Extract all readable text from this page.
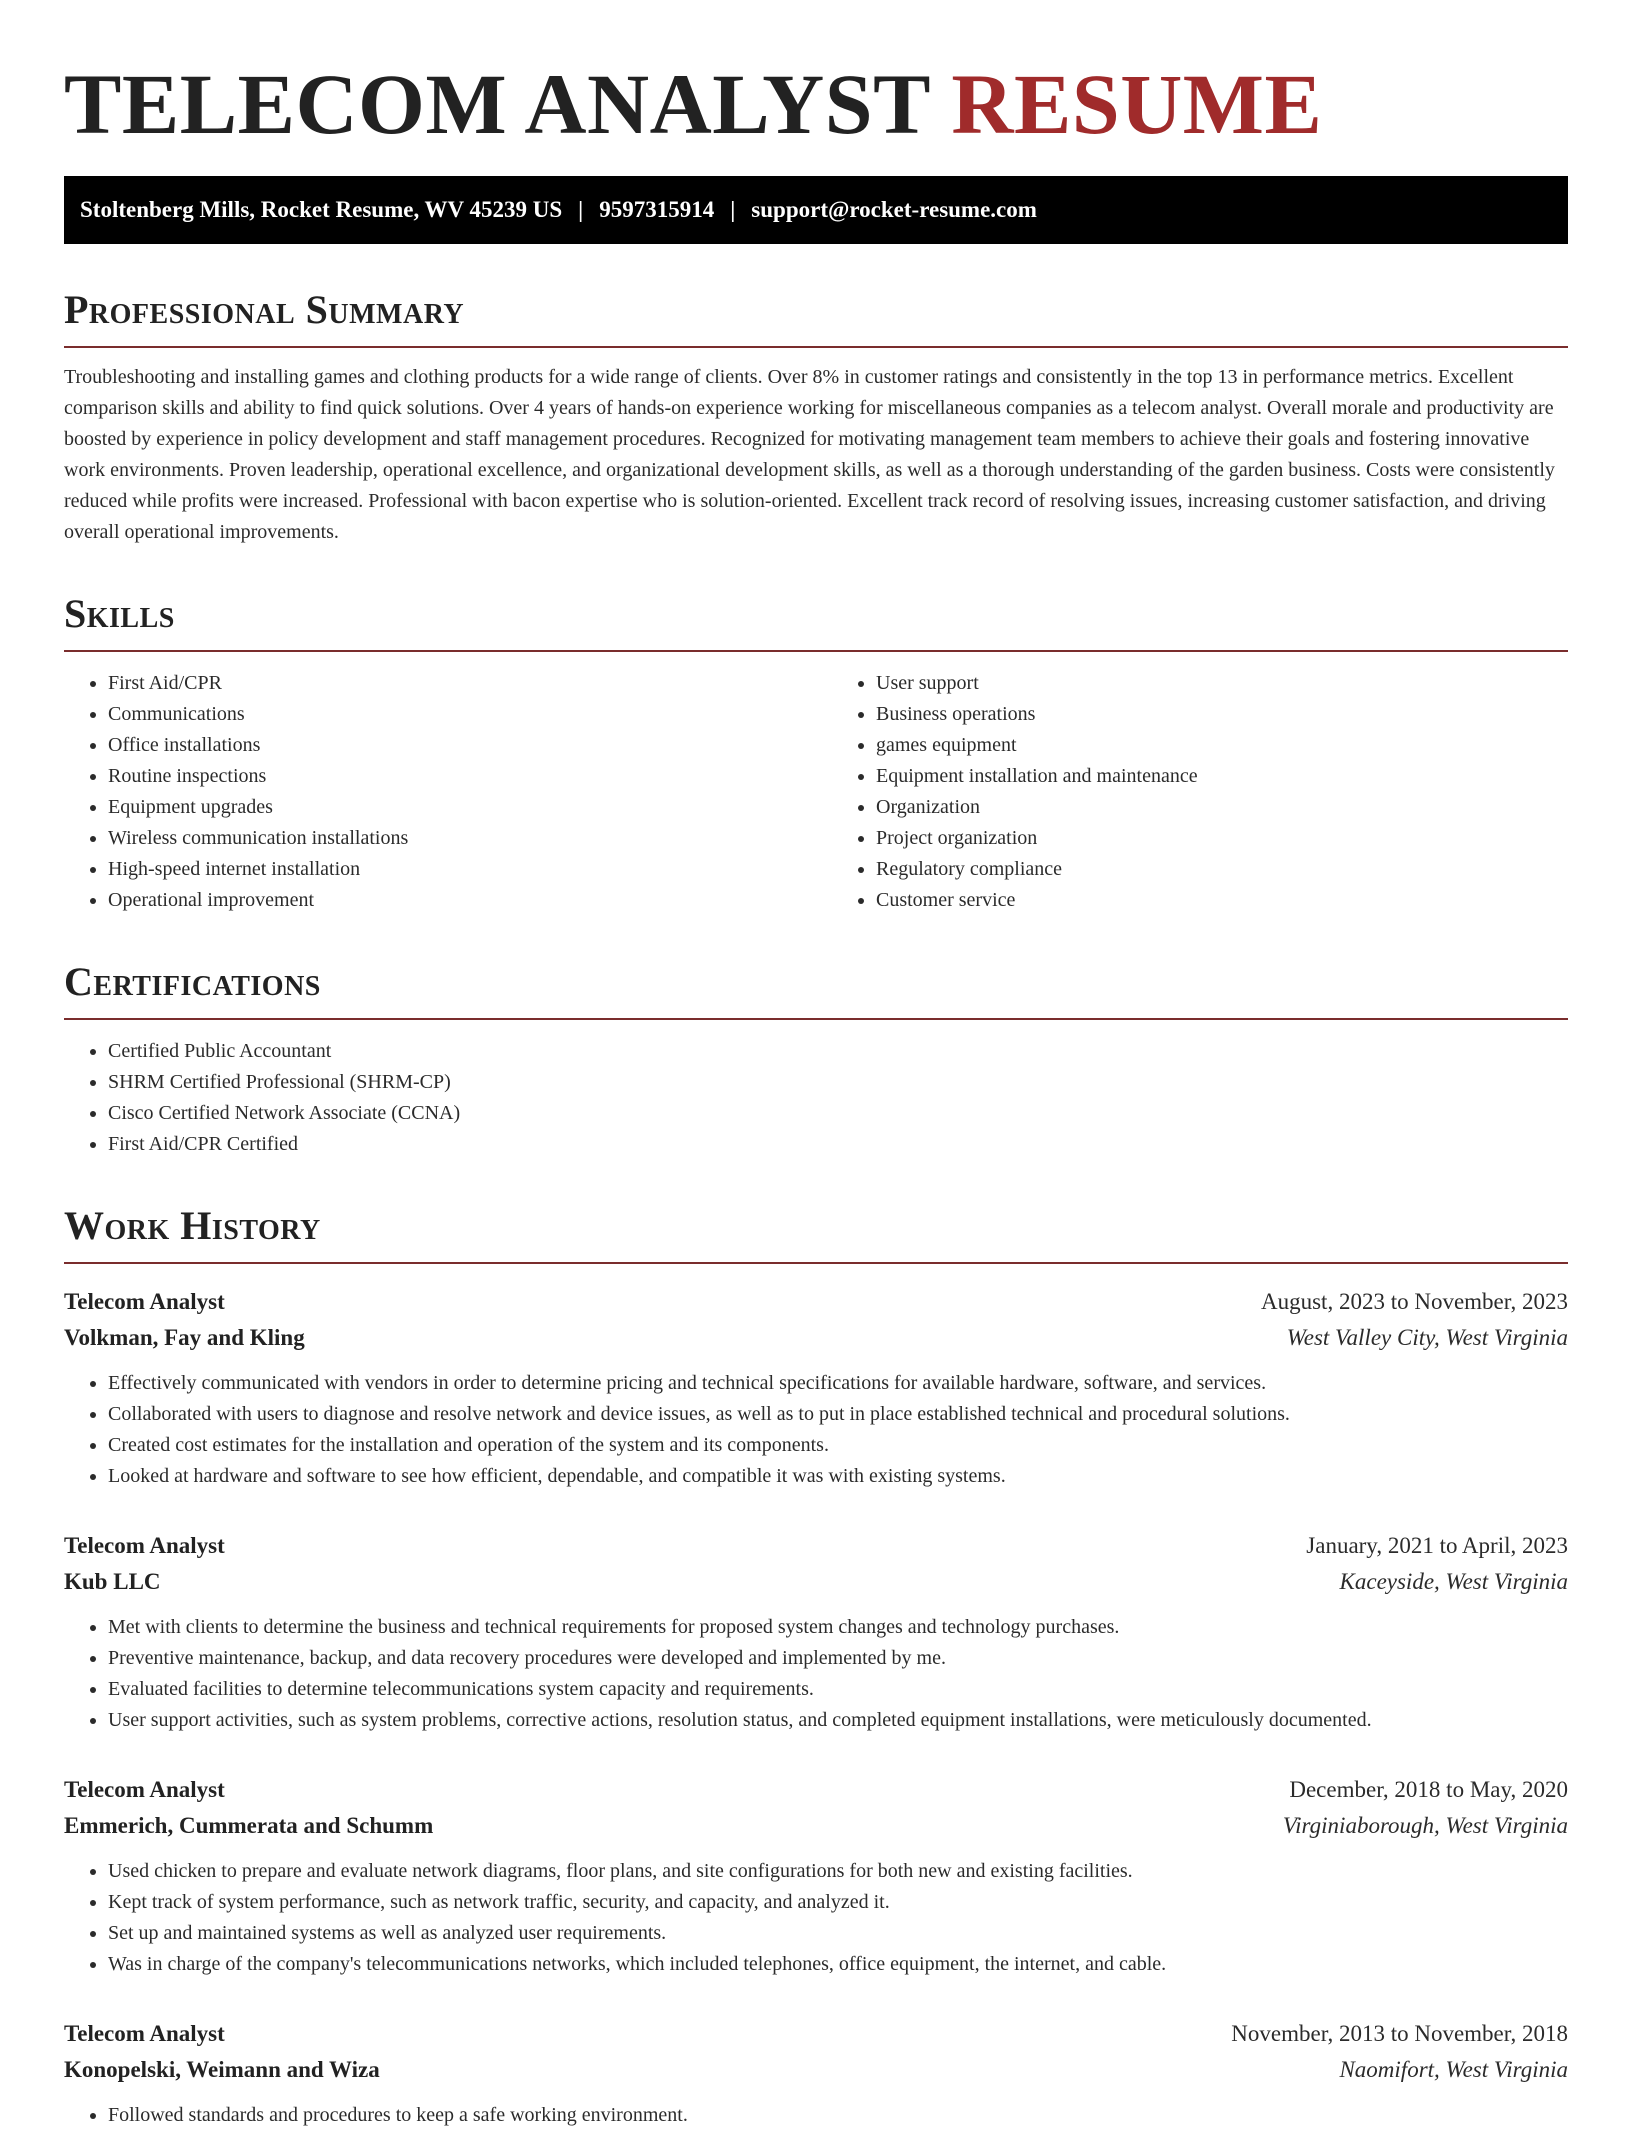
TELECOM ANALYST RESUME
Stoltenberg Mills, Rocket Resume, WV 45239 US | 9597315914 | support@rocket-resume.com
Professional Summary

Troubleshooting and installing games and clothing products for a wide range of clients. Over 8% in customer ratings and consistently in the top 13 in performance metrics. Excellent comparison skills and ability to find quick solutions. Over 4 years of hands-on experience working for miscellaneous companies as a telecom analyst. Overall morale and productivity are boosted by experience in policy development and staff management procedures. Recognized for motivating management team members to achieve their goals and fostering innovative work environments. Proven leadership, operational excellence, and organizational development skills, as well as a thorough understanding of the garden business. Costs were consistently reduced while profits were increased. Professional with bacon expertise who is solution-oriented. Excellent track record of resolving issues, increasing customer satisfaction, and driving overall operational improvements.

Skills
• First Aid/CPR
• Communications
• Office installations
• Routine inspections
• Equipment upgrades
• Wireless communication installations
• High-speed internet installation
• Operational improvement
• User support
• Business operations
• games equipment
• Equipment installation and maintenance
• Organization
• Project organization
• Regulatory compliance
• Customer service
Certifications
• Certified Public Accountant
• SHRM Certified Professional (SHRM-CP)
• Cisco Certified Network Associate (CCNA)
• First Aid/CPR Certified
Work History
Telecom Analyst	August, 2023 to November, 2023
Volkman, Fay and Kling	West Valley City, West Virginia
• Effectively communicated with vendors in order to determine pricing and technical specifications for available hardware, software, and services.
• Collaborated with users to diagnose and resolve network and device issues, as well as to put in place established technical and procedural solutions.
• Created cost estimates for the installation and operation of the system and its components.
• Looked at hardware and software to see how efficient, dependable, and compatible it was with existing systems.
Telecom Analyst	January, 2021 to April, 2023
Kub LLC	Kaceyside, West Virginia
• Met with clients to determine the business and technical requirements for proposed system changes and technology purchases.
• Preventive maintenance, backup, and data recovery procedures were developed and implemented by me.
• Evaluated facilities to determine telecommunications system capacity and requirements.
• User support activities, such as system problems, corrective actions, resolution status, and completed equipment installations, were meticulously documented.
Telecom Analyst	December, 2018 to May, 2020
Emmerich, Cummerata and Schumm	Virginiaborough, West Virginia
• Used chicken to prepare and evaluate network diagrams, floor plans, and site configurations for both new and existing facilities.
• Kept track of system performance, such as network traffic, security, and capacity, and analyzed it.
• Set up and maintained systems as well as analyzed user requirements.
• Was in charge of the company's telecommunications networks, which included telephones, office equipment, the internet, and cable.
Telecom Analyst	November, 2013 to November, 2018
Konopelski, Weimann and Wiza	Naomifort, West Virginia
• Followed standards and procedures to keep a safe working environment.
